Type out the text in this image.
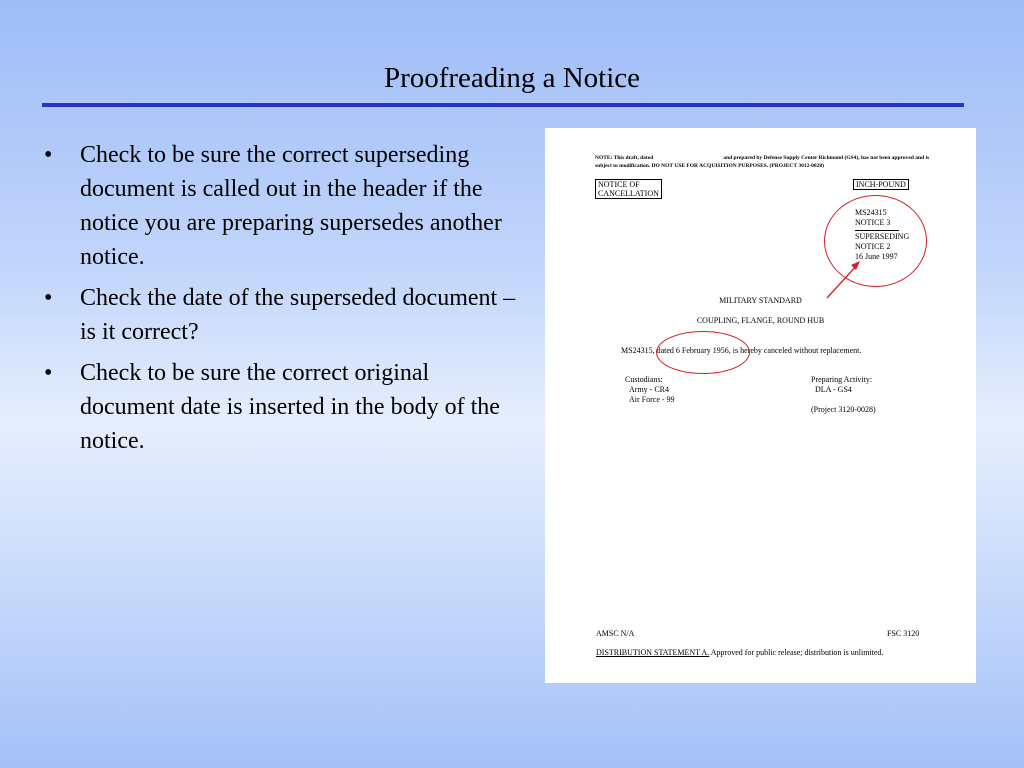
Proofreading a Notice
• Check to be sure the correct superseding document is called out in the header if the notice you are preparing supersedes another notice.
• Check the date of the superseded document – is it correct?
• Check to be sure the correct original document date is inserted in the body of the notice.
NOTE: This draft, dated	and prepared by Defense Supply Center Richmond (GS4), has not been approved and is subject to modification. DO NOT USE FOR ACQUISITION PURPOSES. (PROJECT 3012-0028)
NOTICE OF
CANCELLATION
INCH-POUND
MS24315
NOTICE 3
SUPERSEDING
NOTICE 2
16 June 1997
MILITARY STANDARD
COUPLING, FLANGE, ROUND HUB
MS24315, dated 6 February 1956, is hereby canceled without replacement.
Custodians:
Army - CR4
Air Force - 99
Preparing Activity:
DLA - GS4
(Project 3120-0028)
AMSC N/A	FSC 3120
DISTRIBUTION STATEMENT A. Approved for public release; distribution is unlimited.
